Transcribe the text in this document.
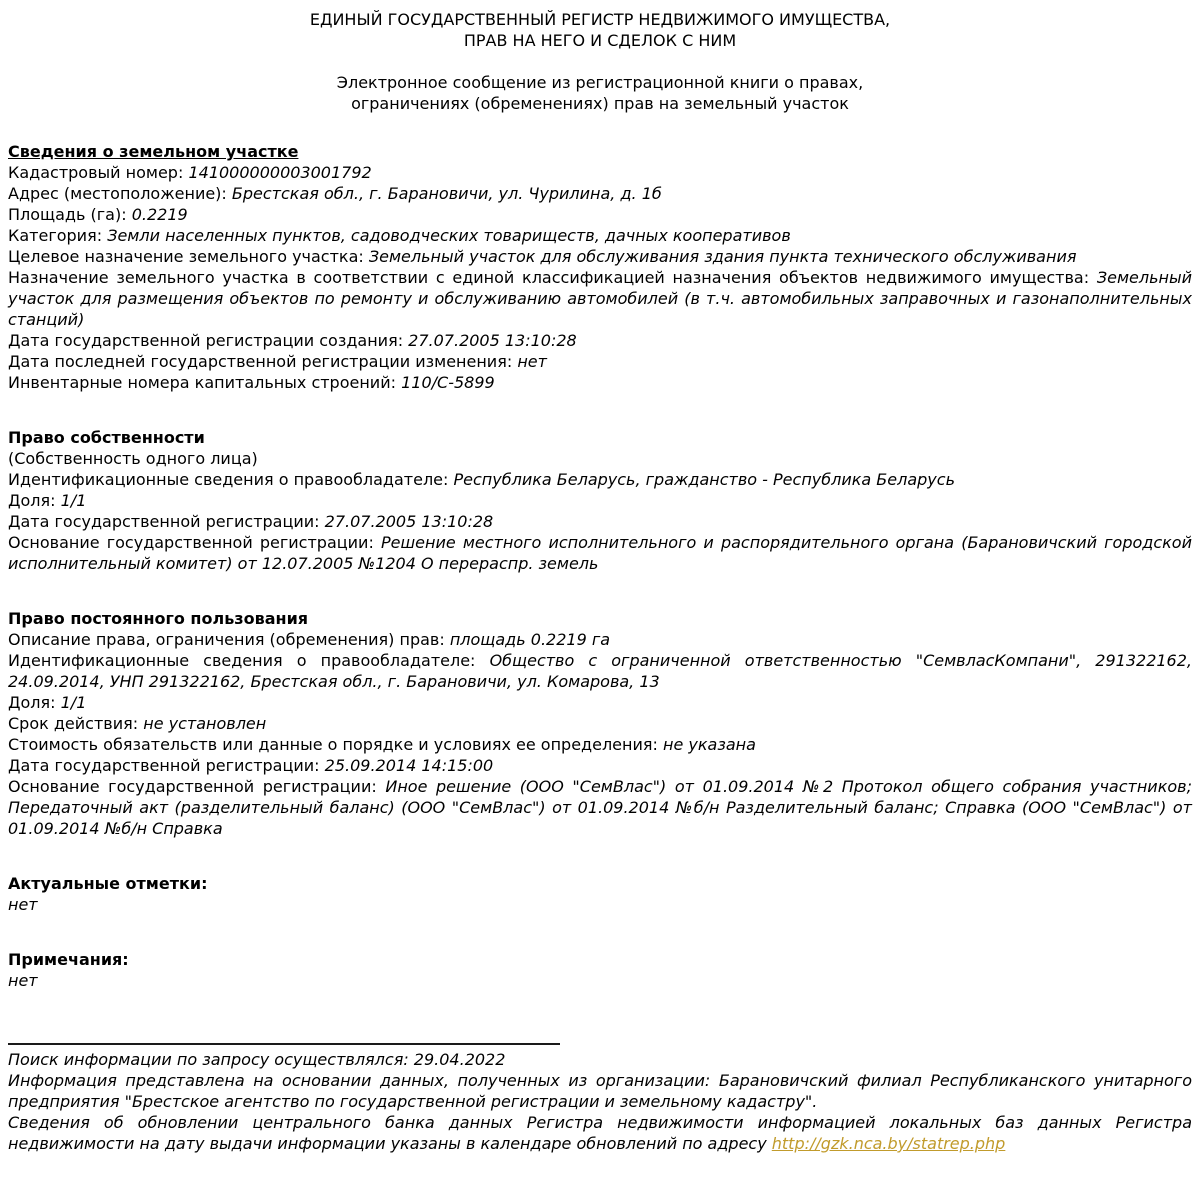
ЕДИНЫЙ ГОСУДАРСТВЕННЫЙ РЕГИСТР НЕДВИЖИМОГО ИМУЩЕСТВА,
ПРАВ НА НЕГО И СДЕЛОК С НИМ
Электронное сообщение из регистрационной книги о правах,
ограничениях (обременениях) прав на земельный участок
Сведения о земельном участке

Кадастровый номер: 141000000003001792

Адрес (местоположение): Брестская обл., г. Барановичи, ул. Чурилина, д. 1б

Площадь (га): 0.2219

Категория: Земли населенных пунктов, садоводческих товариществ, дачных кооперативов

Целевое назначение земельного участка: Земельный участок для обслуживания здания пункта технического обслуживания

Назначение земельного участка в соответствии с единой классификацией назначения объектов недвижимого имущества: Земельный участок для размещения объектов по ремонту и обслуживанию автомобилей (в т.ч. автомобильных заправочных и газонаполнительных станций)

Дата государственной регистрации создания: 27.07.2005 13:10:28

Дата последней государственной регистрации изменения: нет

Инвентарные номера капитальных строений: 110/С-5899

Право собственности

(Собственность одного лица)

Идентификационные сведения о правообладателе: Республика Беларусь, гражданство - Республика Беларусь

Доля: 1/1

Дата государственной регистрации: 27.07.2005 13:10:28

Основание государственной регистрации: Решение местного исполнительного и распорядительного органа (Барановичский городской исполнительный комитет) от 12.07.2005 №1204 О перераспр. земель

Право постоянного пользования

Описание права, ограничения (обременения) прав: площадь 0.2219 га

Идентификационные сведения о правообладателе: Общество с ограниченной ответственностью "СемвласКомпани", 291322162, 24.09.2014, УНП 291322162, Брестская обл., г. Барановичи, ул. Комарова, 13

Доля: 1/1

Срок действия: не установлен

Стоимость обязательств или данные о порядке и условиях ее определения: не указана

Дата государственной регистрации: 25.09.2014 14:15:00

Основание государственной регистрации: Иное решение (ООО "СемВлас") от 01.09.2014 №2 Протокол общего собрания участников; Передаточный акт (разделительный баланс) (ООО "СемВлас") от 01.09.2014 №б/н Разделительный баланс; Справка (ООО "СемВлас") от 01.09.2014 №б/н Справка

Актуальные отметки:

нет

Примечания:

нет

Поиск информации по запросу осуществлялся: 29.04.2022

Информация представлена на основании данных, полученных из организации: Барановичский филиал Республиканского унитарного предприятия "Брестское агентство по государственной регистрации и земельному кадастру".

Сведения об обновлении центрального банка данных Регистра недвижимости информацией локальных баз данных Регистра недвижимости на дату выдачи информации указаны в календаре обновлений по адресу http://gzk.nca.by/statrep.php
